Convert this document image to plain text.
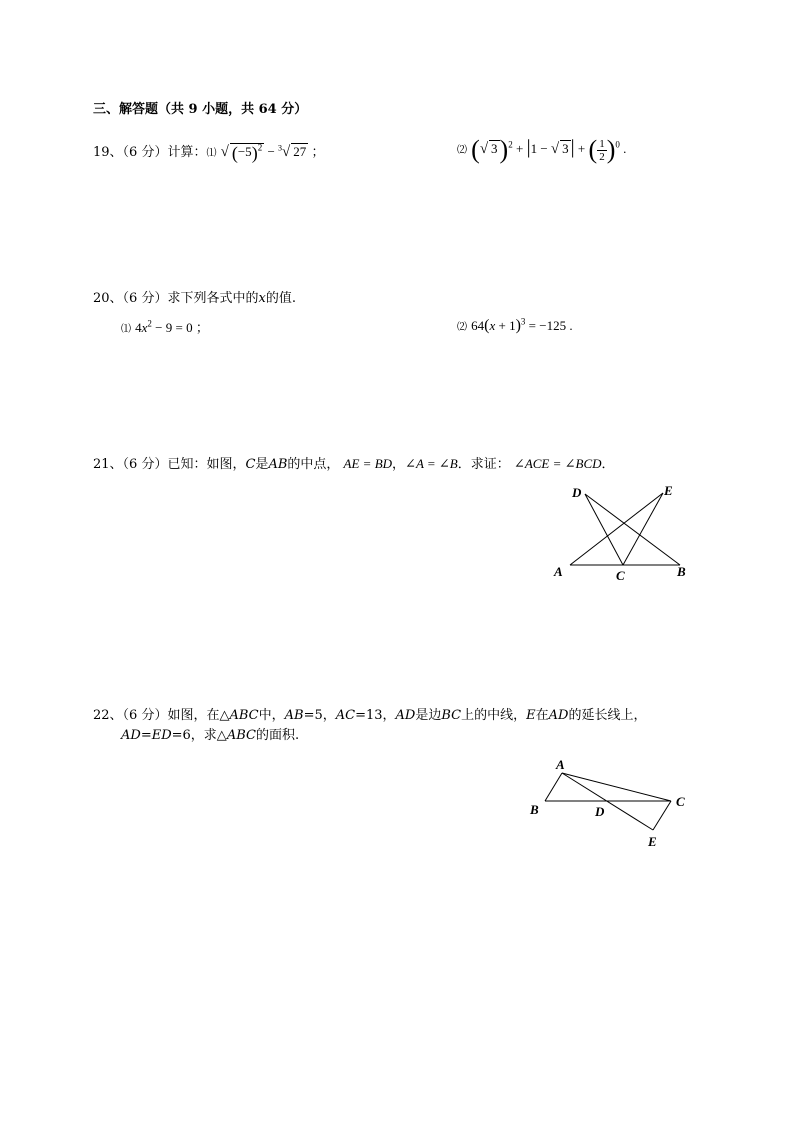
三、解答题（共 9 小题，共 64 分）
19、（6 分）计算：⑴ √ $(-5)^2 - ^3√$ 27 ；	⑵ (√ 3)$^2$ + |1 − √ 3 | + ( $\frac{1}{2} )^0$ .
20、（6 分）求下列各式中的x的值.
⑴ $4x^2 - 9 = 0$ ；	⑵ $64(x + 1)^3 = -125$ .
21、（6 分）已知：如图，C是AB的中点， AE = BD，∠A = ∠B．求证： ∠ACE = ∠BCD．
A	B
C
D	E
22、（6 分）如图，在△ABC中，AB=5，AC=13，AD是边BC上的中线，E在AD的延长线上，
AD=ED=6，求△ABC的面积.
A
B
C
D
E
